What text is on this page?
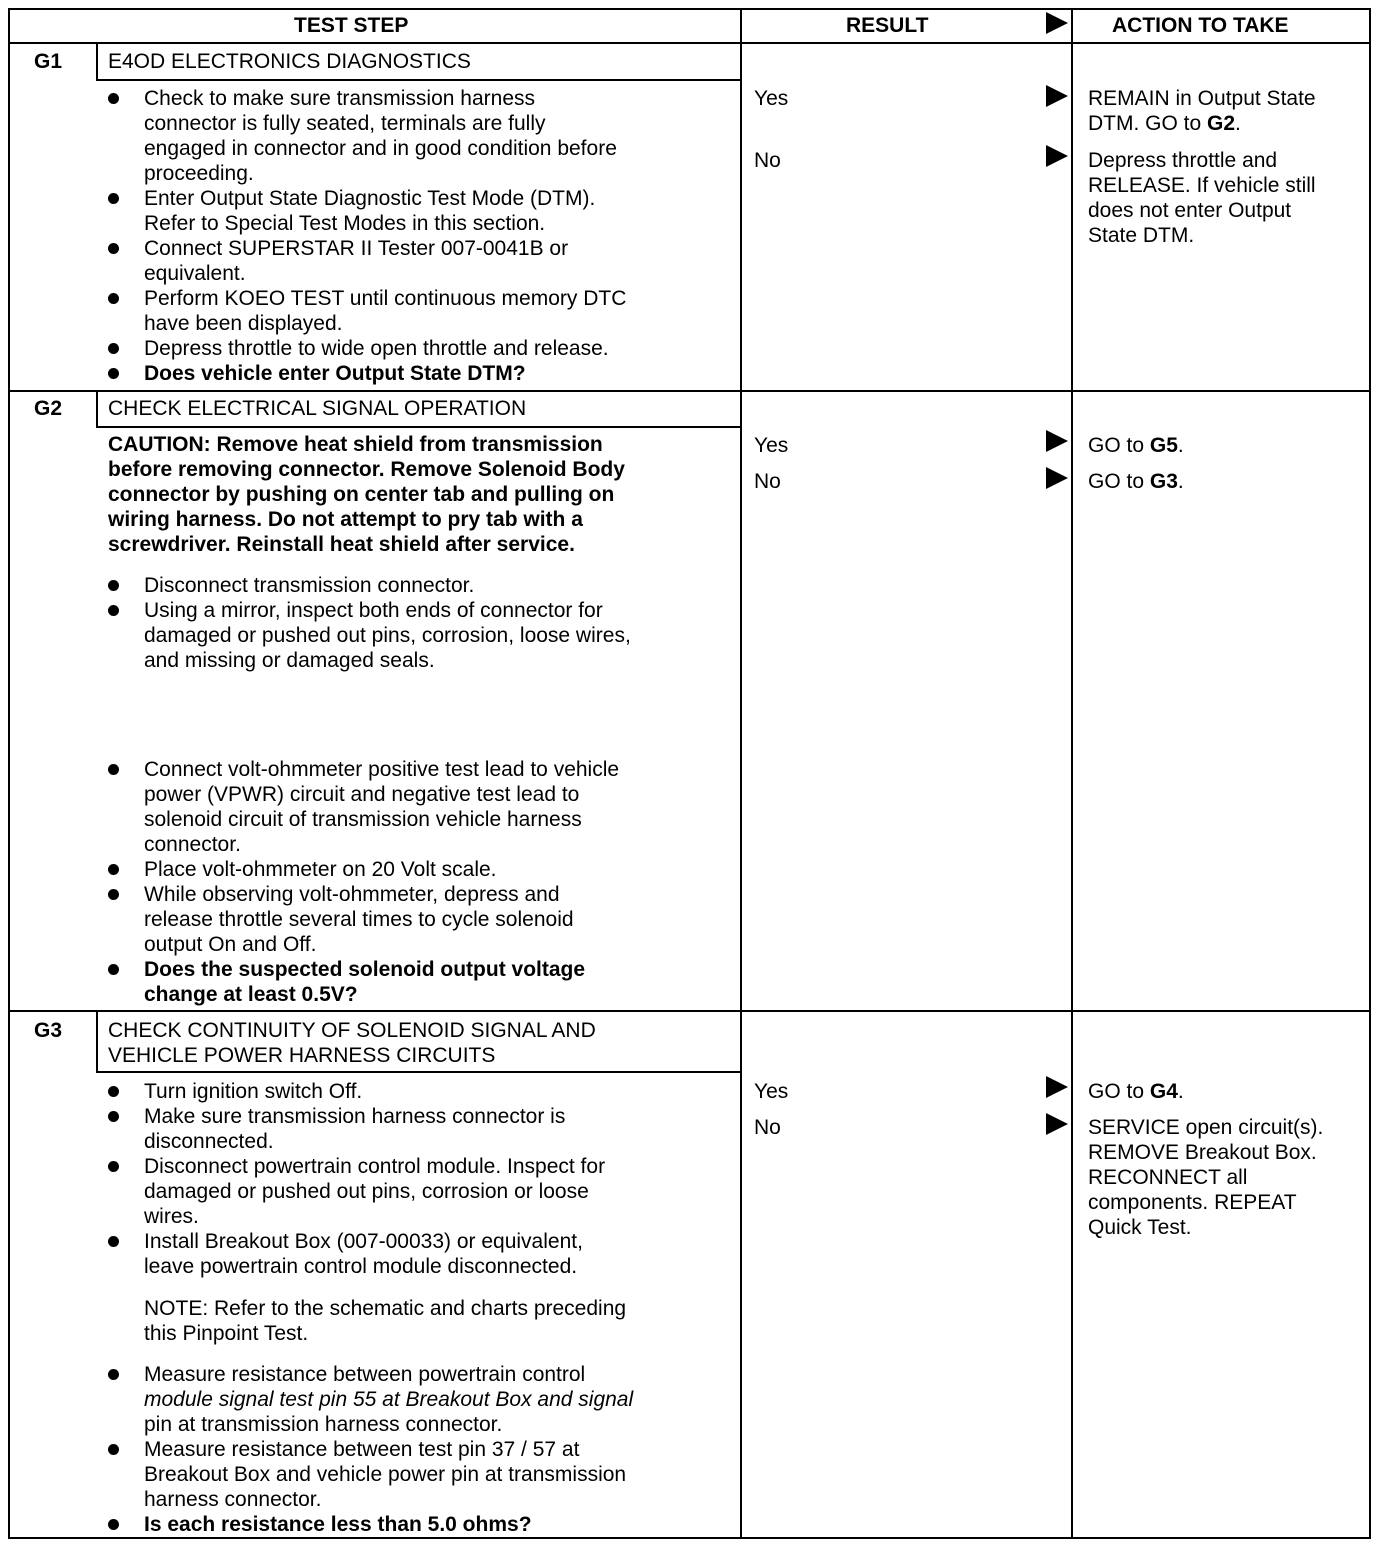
TEST STEP	RESULT	ACTION TO TAKE
G1 E4OD ELECTRONICS DIAGNOSTICS
Check to make sure transmission harness
connector is fully seated, terminals are fully
engaged in connector and in good condition before
proceeding.
Enter Output State Diagnostic Test Mode (DTM).
Refer to Special Test Modes in this section.
Connect SUPERSTAR II Tester 007-0041B or
equivalent.
Perform KOEO TEST until continuous memory DTC
have been displayed.
Depress throttle to wide open throttle and release.
Does vehicle enter Output State DTM?
Yes
No
REMAIN in Output State
DTM. GO to G2.
Depress throttle and
RELEASE. If vehicle still
does not enter Output
State DTM.
G2 CHECK ELECTRICAL SIGNAL OPERATION
CAUTION: Remove heat shield from transmission
before removing connector. Remove Solenoid Body
connector by pushing on center tab and pulling on
wiring harness. Do not attempt to pry tab with a
screwdriver. Reinstall heat shield after service.
Disconnect transmission connector.
Using a mirror, inspect both ends of connector for
damaged or pushed out pins, corrosion, loose wires,
and missing or damaged seals.
Connect volt-ohmmeter positive test lead to vehicle
power (VPWR) circuit and negative test lead to
solenoid circuit of transmission vehicle harness
connector.
Place volt-ohmmeter on 20 Volt scale.
While observing volt-ohmmeter, depress and
release throttle several times to cycle solenoid
output On and Off.
Does the suspected solenoid output voltage
change at least 0.5V?
Yes
No
GO to G5.
GO to G3.
G3 CHECK CONTINUITY OF SOLENOID SIGNAL AND
VEHICLE POWER HARNESS CIRCUITS
Turn ignition switch Off.
Make sure transmission harness connector is
disconnected.
Disconnect powertrain control module. Inspect for
damaged or pushed out pins, corrosion or loose
wires.
Install Breakout Box (007-00033) or equivalent,
leave powertrain control module disconnected.
NOTE: Refer to the schematic and charts preceding
this Pinpoint Test.
Measure resistance between powertrain control
module signal test pin 55 at Breakout Box and signal
pin at transmission harness connector.
Measure resistance between test pin 37 / 57 at
Breakout Box and vehicle power pin at transmission
harness connector.
Is each resistance less than 5.0 ohms?
Yes
No
GO to G4.
SERVICE open circuit(s).
REMOVE Breakout Box.
RECONNECT all
components. REPEAT
Quick Test.
